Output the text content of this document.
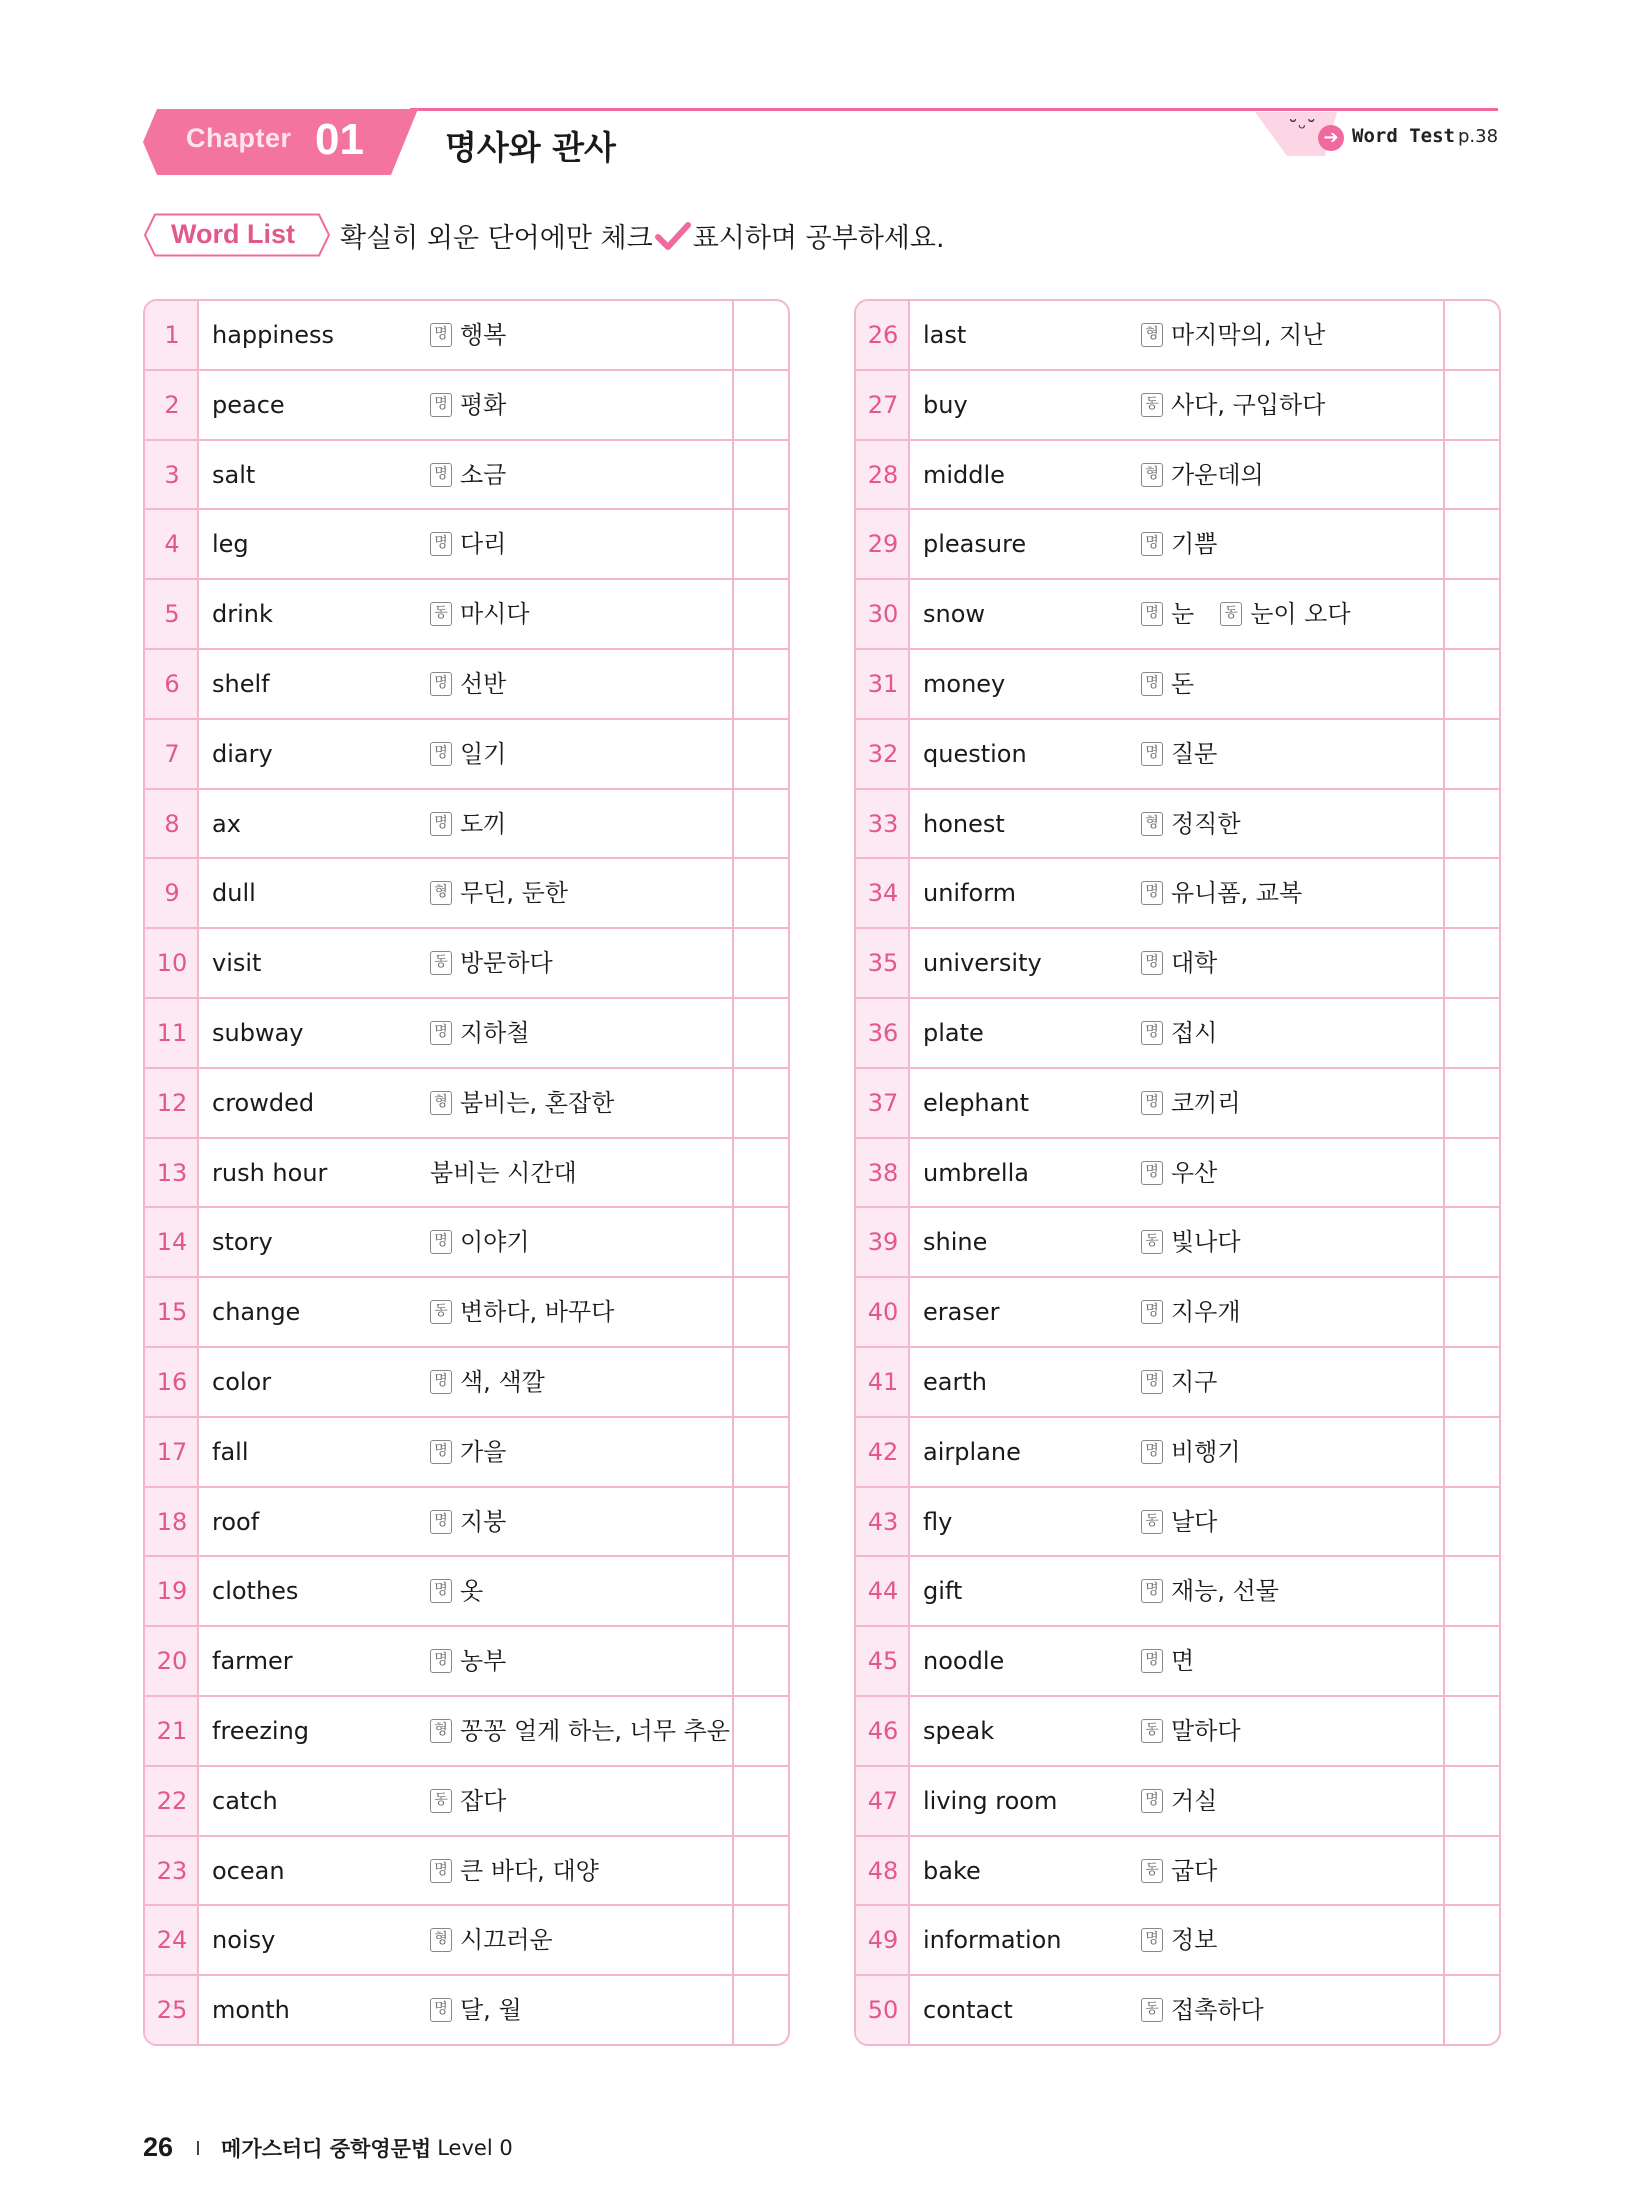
Chapter 01 명사와 관사	˘ᵕ˘ ➔ Word Test p.38
Word List 확실히 외운 단어에만 체크 표시하며 공부하세요.
1	happiness	명 행복
2	peace	명 평화
3	salt	명 소금
4	leg	명 다리
5	drink	동 마시다
6	shelf	명 선반
7	diary	명 일기
8	ax	명 도끼
9	dull	형 무딘, 둔한
10	visit	동 방문하다
11	subway	명 지하철
12	crowded	형 붐비는, 혼잡한
13	rush hour	붐비는 시간대
14	story	명 이야기
15	change	동 변하다, 바꾸다
16	color	명 색, 색깔
17	fall	명 가을
18	roof	명 지붕
19	clothes	명 옷
20	farmer	명 농부
21	freezing	형 꽁꽁 얼게 하는, 너무 추운
22	catch	동 잡다
23	ocean	명 큰 바다, 대양
24	noisy	형 시끄러운
25	month	명 달, 월
26	last	형 마지막의, 지난
27	buy	동 사다, 구입하다
28	middle	형 가운데의
29	pleasure	명 기쁨
30	snow	명 눈	동 눈이 오다
31	money	명 돈
32	question	명 질문
33	honest	형 정직한
34	uniform	명 유니폼, 교복
35	university	명 대학
36	plate	명 접시
37	elephant	명 코끼리
38	umbrella	명 우산
39	shine	동 빛나다
40	eraser	명 지우개
41	earth	명 지구
42	airplane	명 비행기
43	fly	동 날다
44	gift	명 재능, 선물
45	noodle	명 면
46	speak	동 말하다
47	living room	명 거실
48	bake	동 굽다
49	information	명 정보
50	contact	동 접촉하다
26 메가스터디 중학영문법 Level 0
